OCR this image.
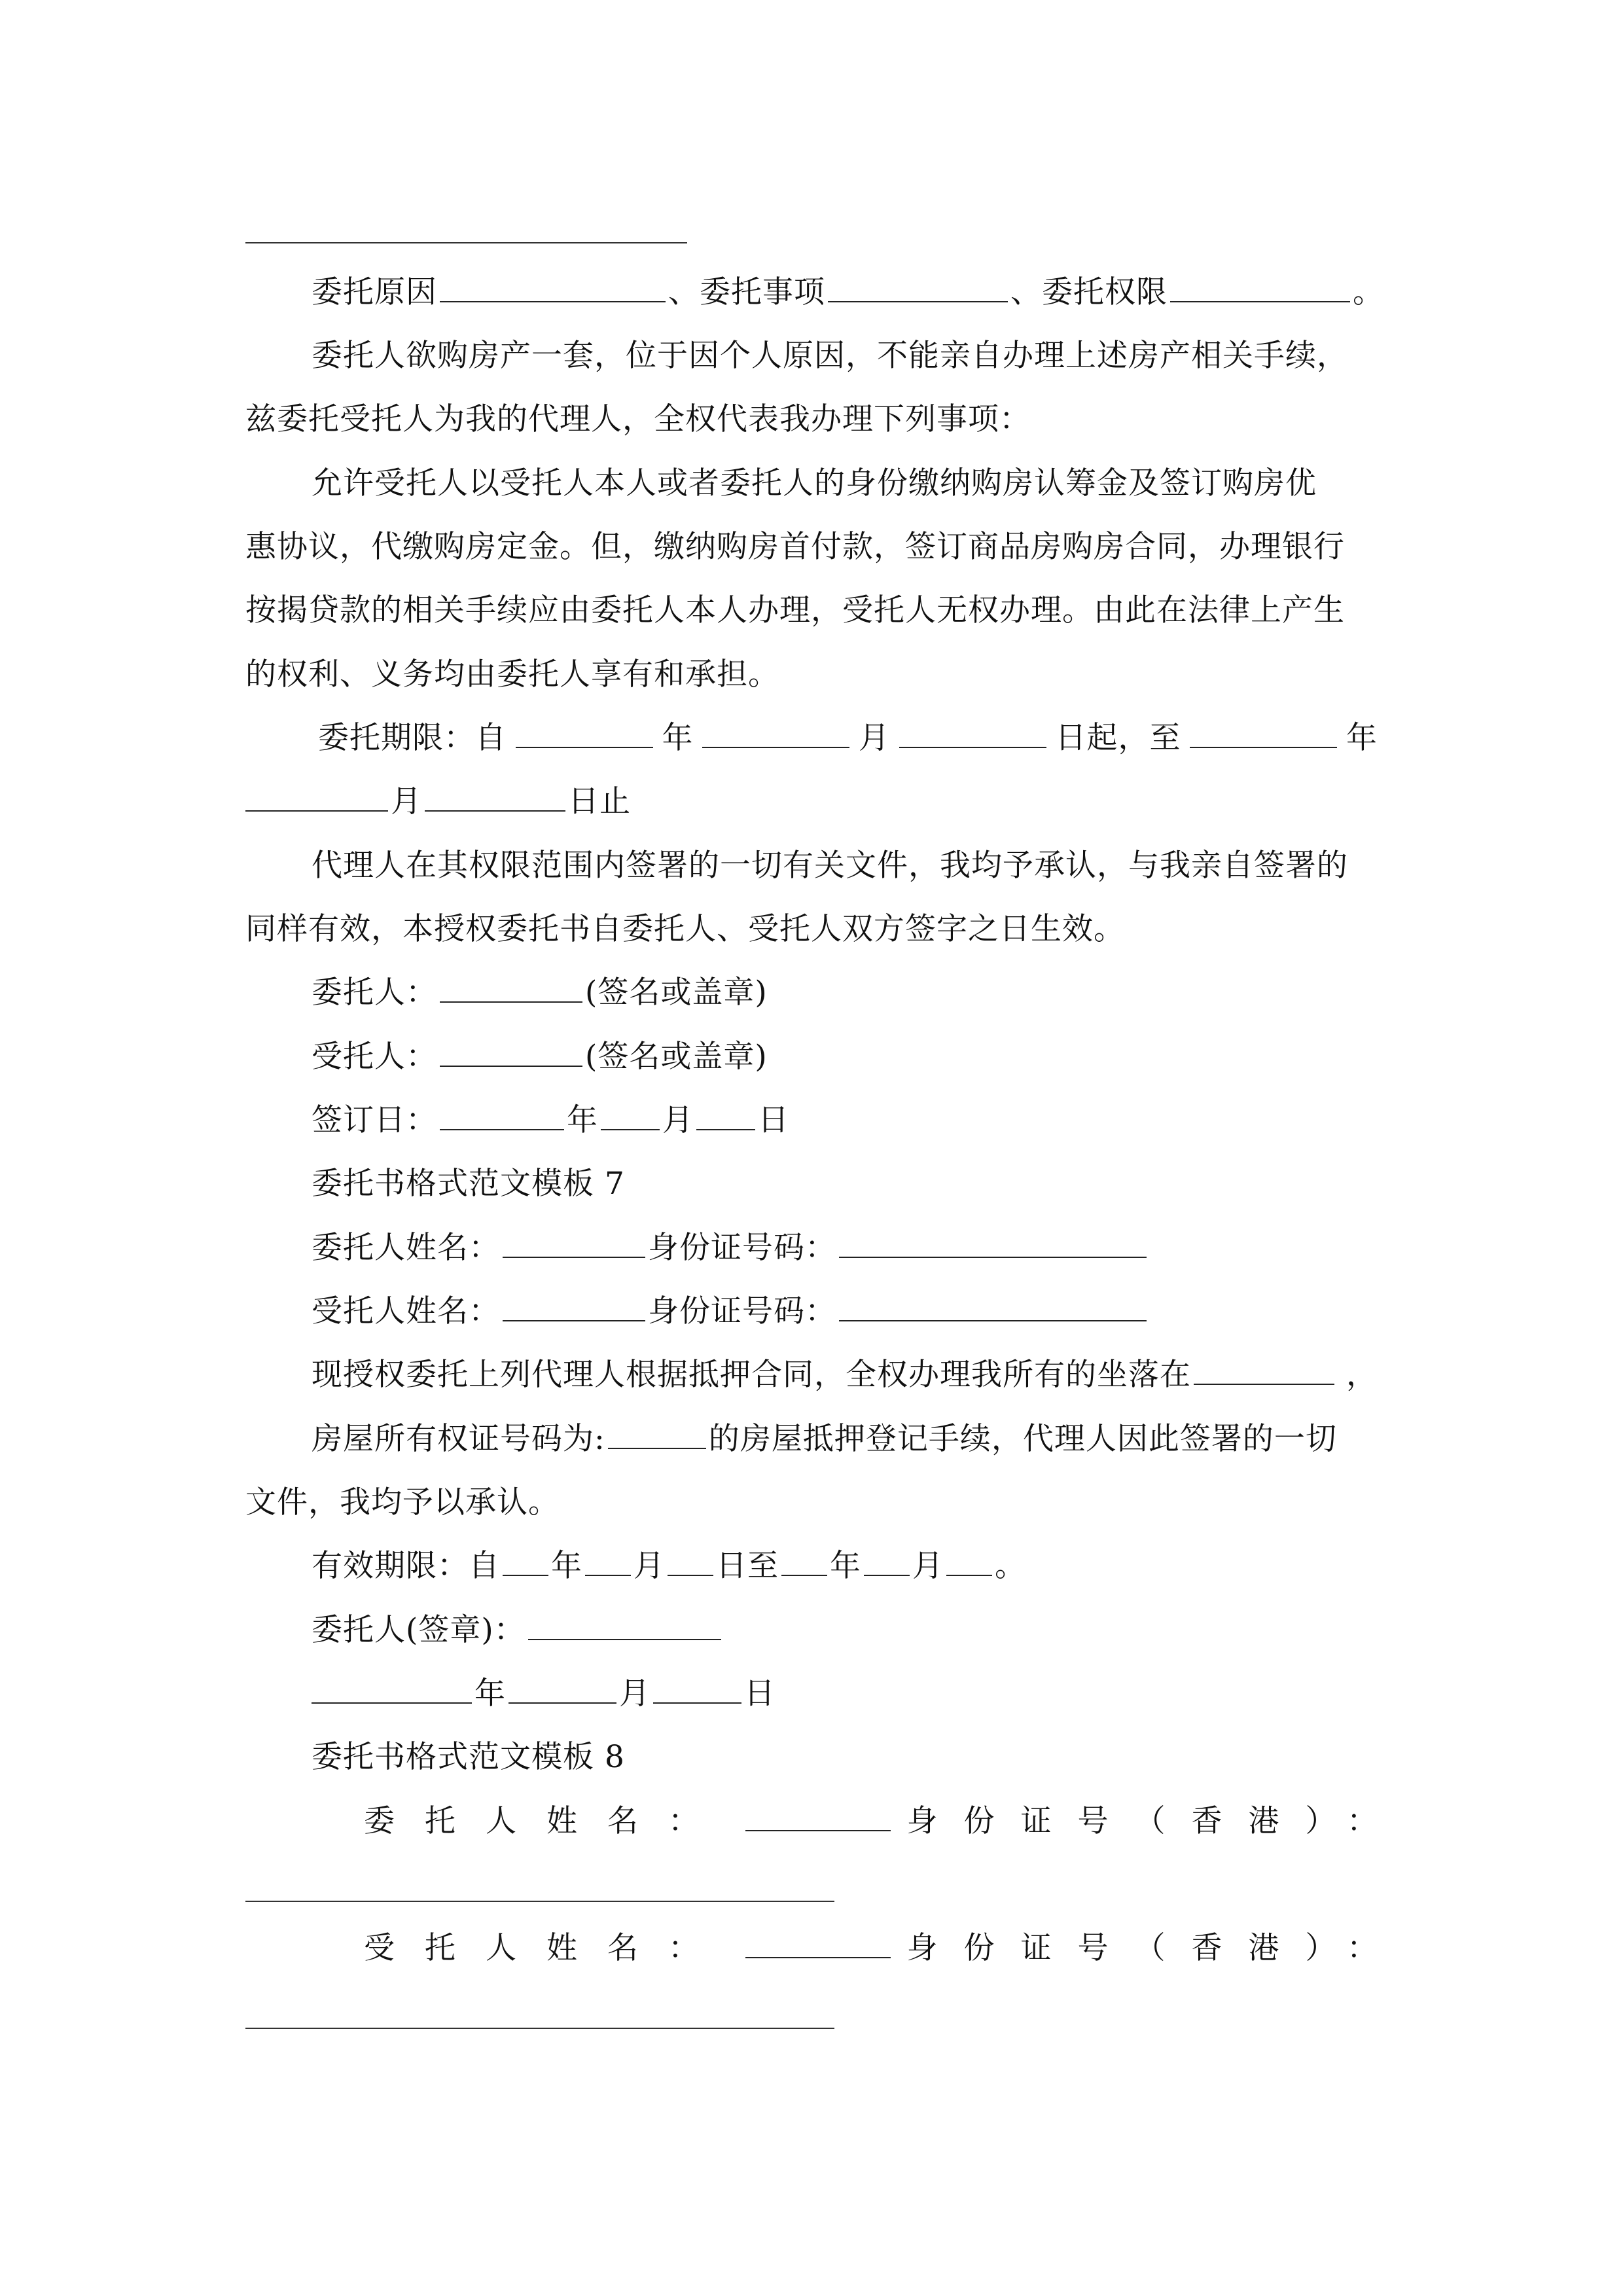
委托原因	、委托事项	、委托权限	。
委托人欲购房产一套，位于因个人原因，不能亲自办理上述房产相关手续，
兹委托受托人为我的代理人，全权代表我办理下列事项：
允许受托人以受托人本人或者委托人的身份缴纳购房认筹金及签订购房优
惠协议，代缴购房定金。但，缴纳购房首付款，签订商品房购房合同，办理银行
按揭贷款的相关手续应由委托人本人办理，受托人无权办理。由此在法律上产生
的权利、义务均由委托人享有和承担。
委托期限：自	年	月	日起，至	年
月	日止
代理人在其权限范围内签署的一切有关文件，我均予承认，与我亲自签署的
同样有效，本授权委托书自委托人、受托人双方签字之日生效。
委托人：	(签名或盖章)
受托人：	(签名或盖章)
签订日：	年 月 日
委托书格式范文模板 7
委托人姓名：	身份证号码：
受托人姓名：	身份证号码：
现授权委托上列代理人根据抵押合同，全权办理我所有的坐落在	，
房屋所有权证号码为:	的房屋抵押登记手续，代理人因此签署的一切
文件，我均予以承认。
有效期限：自 年 月 日至 年 月 。
委托人(签章)：
年	月	日
委托书格式范文模板 8
委托人姓名：	身份证号（香港）：
受托人姓名：	身份证号（香港）：
